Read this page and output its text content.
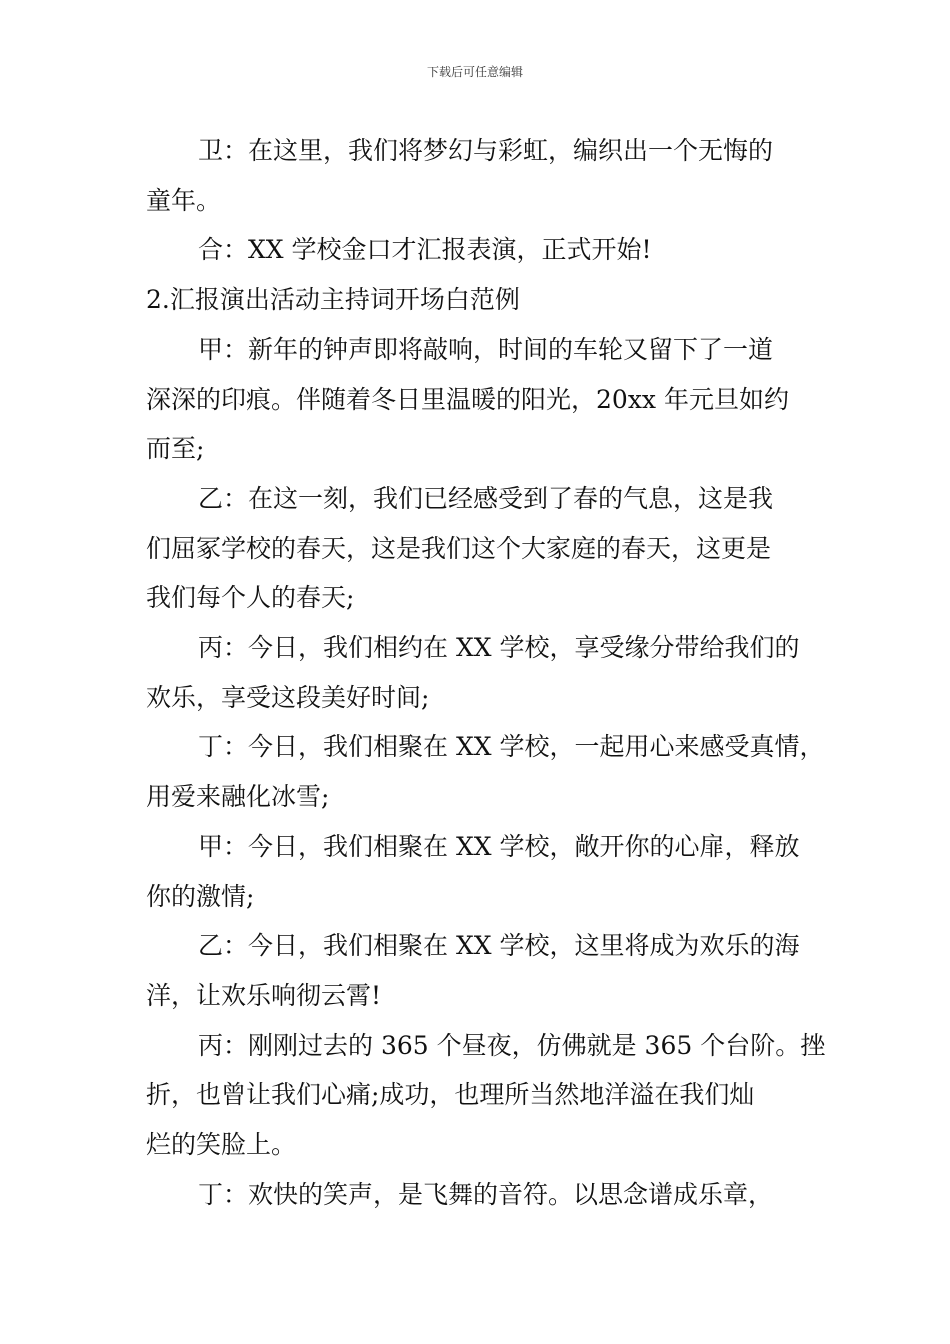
下载后可任意编辑
卫：在这里，我们将梦幻与彩虹，编织出一个无悔的
童年。
合：XX 学校金口才汇报表演，正式开始!
2.汇报演出活动主持词开场白范例
甲：新年的钟声即将敲响，时间的车轮又留下了一道
深深的印痕。伴随着冬日里温暖的阳光，20xx 年元旦如约
而至;
乙：在这一刻，我们已经感受到了春的气息，这是我
们屈冢学校的春天，这是我们这个大家庭的春天，这更是
我们每个人的春天;
丙：今日，我们相约在 XX 学校，享受缘分带给我们的
欢乐，享受这段美好时间;
丁：今日，我们相聚在 XX 学校，一起用心来感受真情，
用爱来融化冰雪;
甲：今日，我们相聚在 XX 学校，敞开你的心扉，释放
你的激情;
乙：今日，我们相聚在 XX 学校，这里将成为欢乐的海
洋，让欢乐响彻云霄!
丙：刚刚过去的 365 个昼夜，仿佛就是 365 个台阶。挫
折，也曾让我们心痛;成功，也理所当然地洋溢在我们灿
烂的笑脸上。
丁：欢快的笑声，是飞舞的音符。以思念谱成乐章，
